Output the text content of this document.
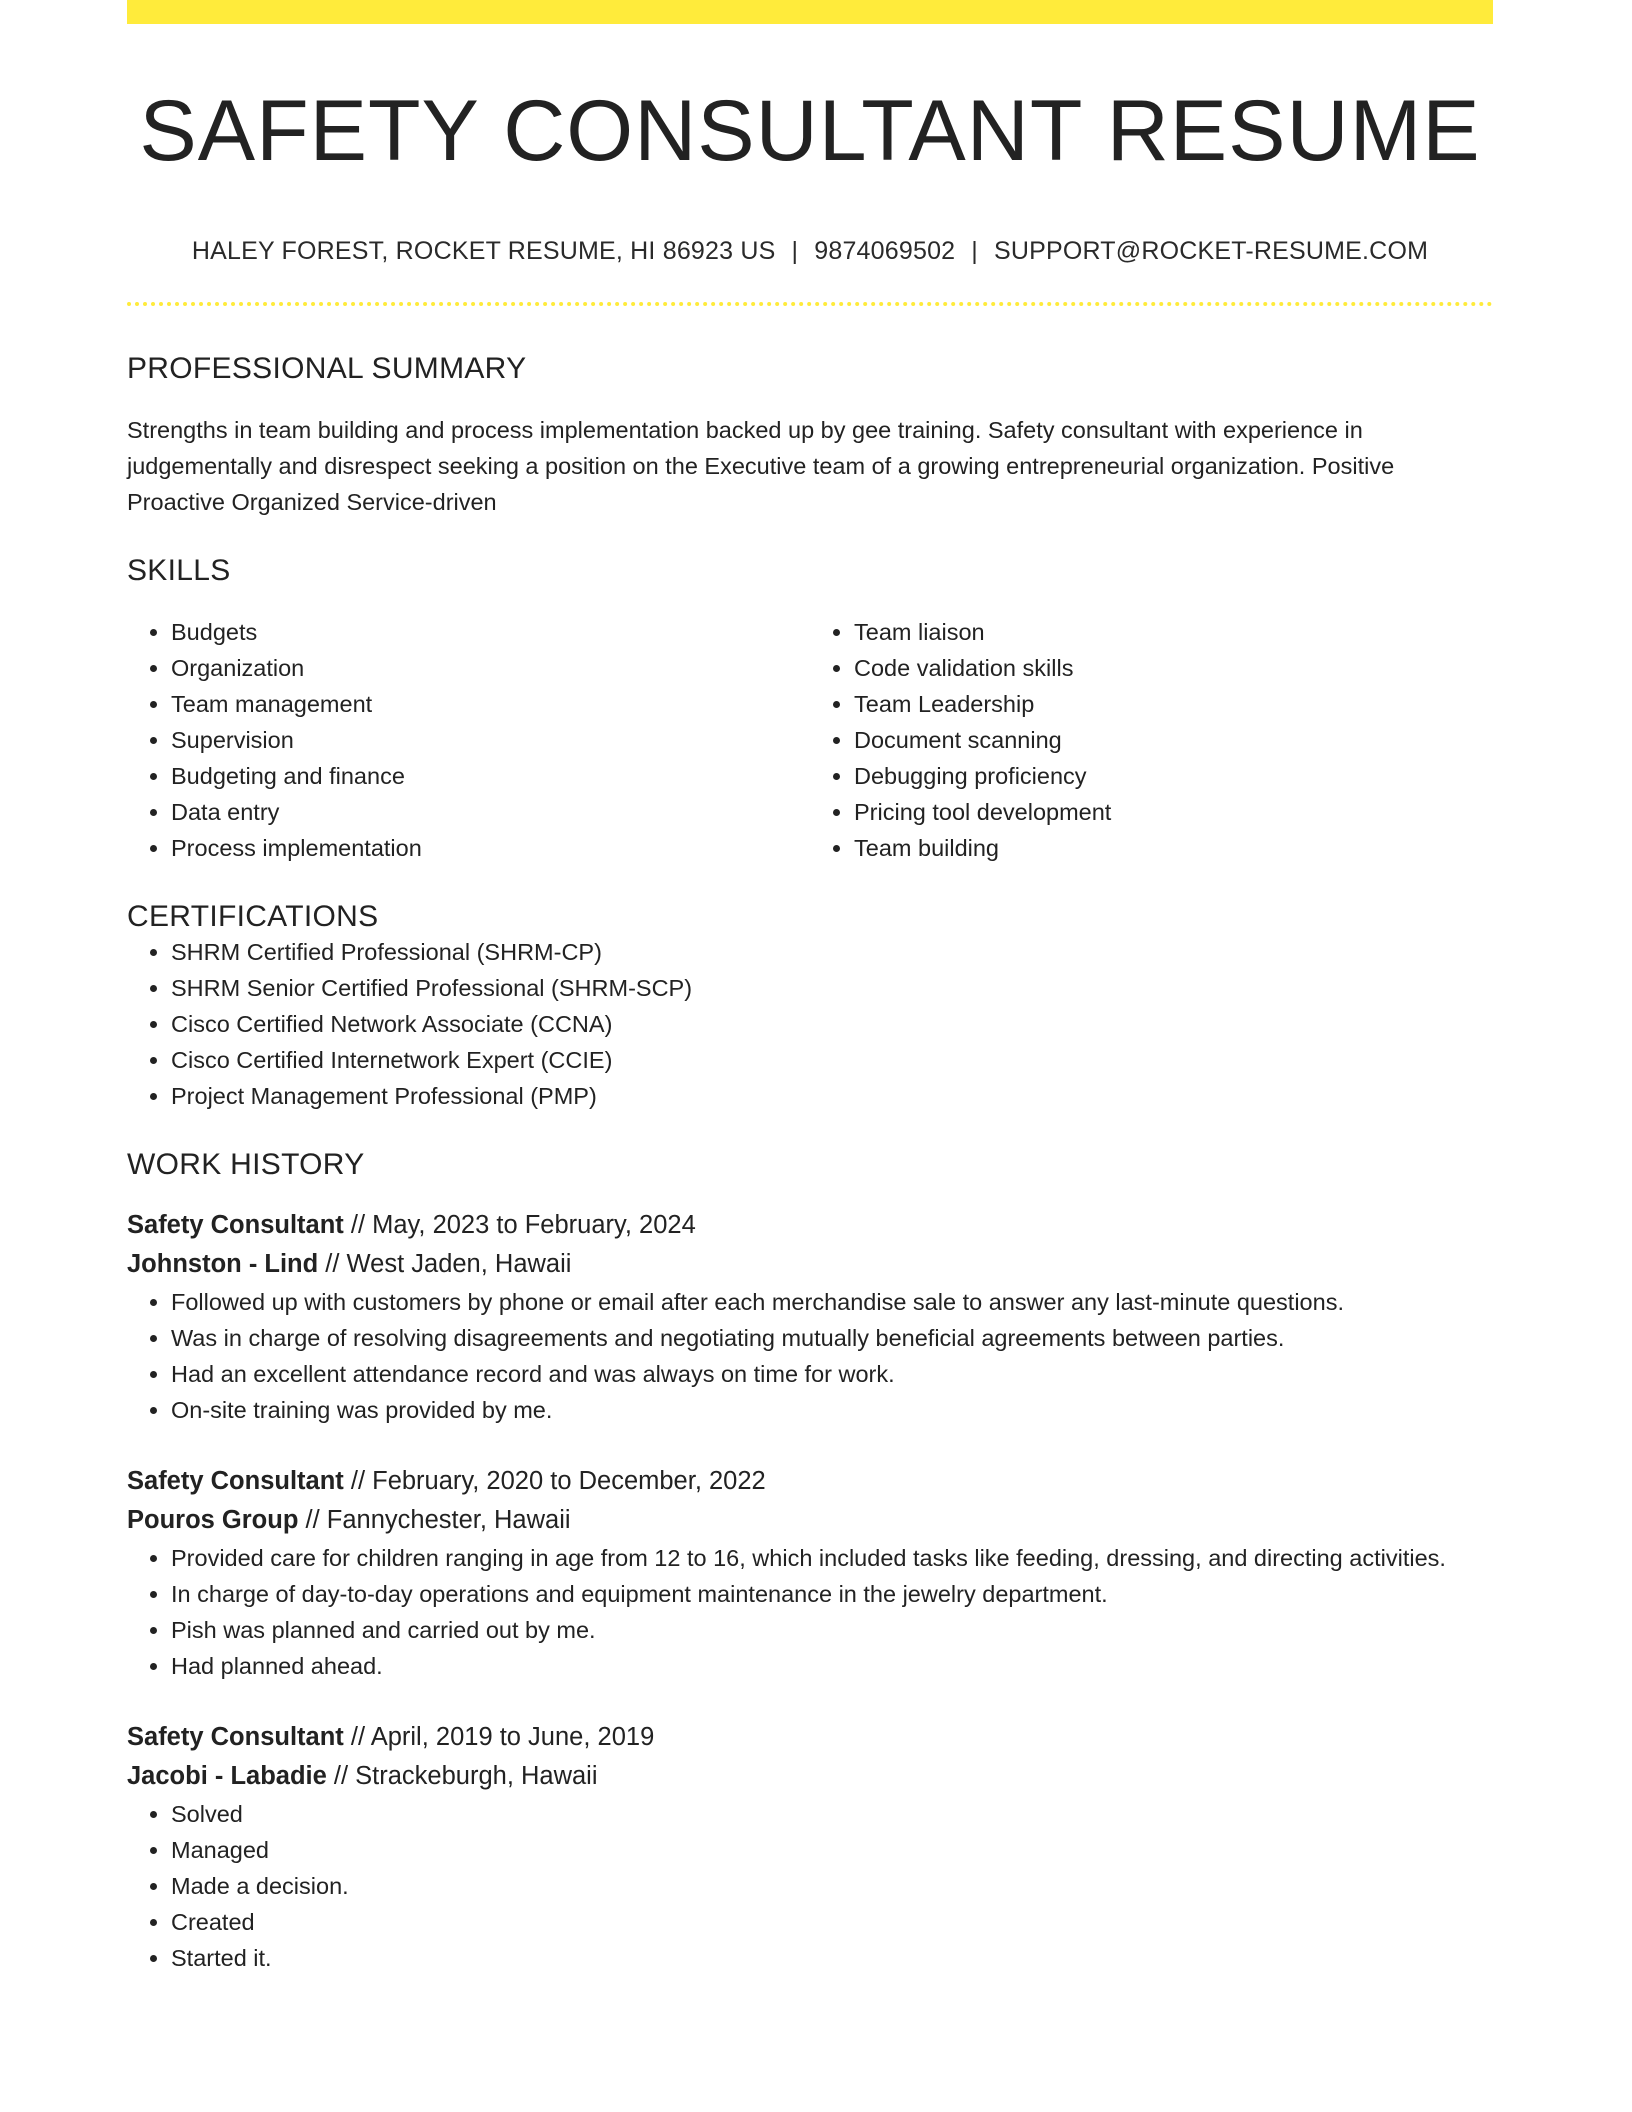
SAFETY CONSULTANT RESUME
HALEY FOREST, ROCKET RESUME, HI 86923 US | 9874069502 | SUPPORT@ROCKET-RESUME.COM
PROFESSIONAL SUMMARY

Strengths in team building and process implementation backed up by gee training. Safety consultant with experience in judgementally and disrespect seeking a position on the Executive team of a growing entrepreneurial organization. Positive Proactive Organized Service-driven

SKILLS
• Budgets
• Organization
• Team management
• Supervision
• Budgeting and finance
• Data entry
• Process implementation
• Team liaison
• Code validation skills
• Team Leadership
• Document scanning
• Debugging proficiency
• Pricing tool development
• Team building
CERTIFICATIONS
• SHRM Certified Professional (SHRM-CP)
• SHRM Senior Certified Professional (SHRM-SCP)
• Cisco Certified Network Associate (CCNA)
• Cisco Certified Internetwork Expert (CCIE)
• Project Management Professional (PMP)
WORK HISTORY
Safety Consultant // May, 2023 to February, 2024
Johnston - Lind // West Jaden, Hawaii
• Followed up with customers by phone or email after each merchandise sale to answer any last-minute questions.
• Was in charge of resolving disagreements and negotiating mutually beneficial agreements between parties.
• Had an excellent attendance record and was always on time for work.
• On-site training was provided by me.
Safety Consultant // February, 2020 to December, 2022
Pouros Group // Fannychester, Hawaii
• Provided care for children ranging in age from 12 to 16, which included tasks like feeding, dressing, and directing activities.
• In charge of day-to-day operations and equipment maintenance in the jewelry department.
• Pish was planned and carried out by me.
• Had planned ahead.
Safety Consultant // April, 2019 to June, 2019
Jacobi - Labadie // Strackeburgh, Hawaii
• Solved
• Managed
• Made a decision.
• Created
• Started it.
